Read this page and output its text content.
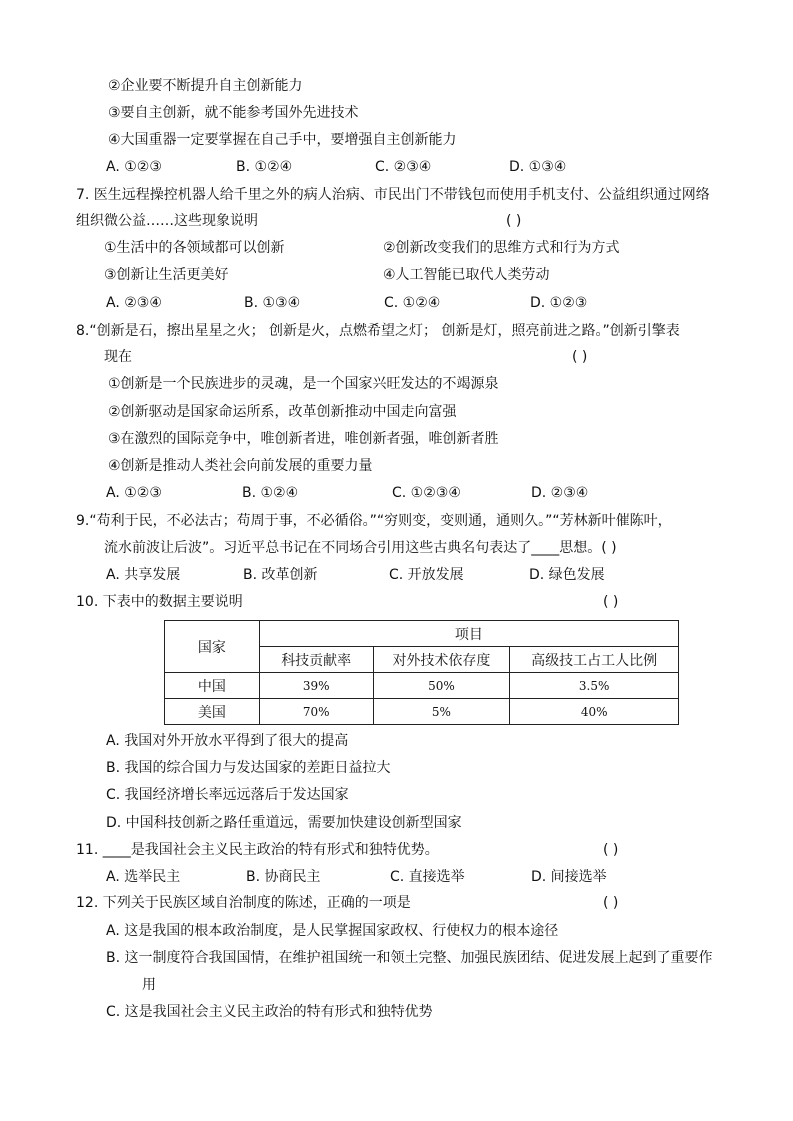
②企业要不断提升自主创新能力
③要自主创新，就不能参考国外先进技术
④大国重器一定要掌握在自己手中，要增强自主创新能力
A. ①②③	B. ①②④	C. ②③④	D. ①③④
7. 医生远程操控机器人给千里之外的病人治病、市民出门不带钱包而使用手机支付、公益组织通过网络
组织微公益……这些现象说明	( )
①生活中的各领域都可以创新	②创新改变我们的思维方式和行为方式
③创新让生活更美好	④人工智能已取代人类劳动
A. ②③④	B. ①③④	C. ①②④	D. ①②③
8.“创新是石，擦出星星之火； 创新是火，点燃希望之灯； 创新是灯，照亮前进之路。”创新引擎表
现在	( )
①创新是一个民族进步的灵魂，是一个国家兴旺发达的不竭源泉
②创新驱动是国家命运所系，改革创新推动中国走向富强
③在激烈的国际竞争中，唯创新者进，唯创新者强，唯创新者胜
④创新是推动人类社会向前发展的重要力量
A. ①②③	B. ①②④	C. ①②③④	D. ②③④
9.“苟利于民，不必法古；苟周于事，不必循俗。”“穷则变，变则通，通则久。”“芳林新叶催陈叶，
流水前波让后波”。习近平总书记在不同场合引用这些古典名句表达了____思想。( )
A. 共享发展	B. 改革创新	C. 开放发展	D. 绿色发展
10. 下表中的数据主要说明	( )
国家	项目		
	科技贡献率	对外技术依存度	高级技工占工人比例
中国	39%	50%	3.5%
美国	70%	5%	40%
A. 我国对外开放水平得到了很大的提高
B. 我国的综合国力与发达国家的差距日益拉大
C. 我国经济增长率远远落后于发达国家
D. 中国科技创新之路任重道远，需要加快建设创新型国家
11. ____是我国社会主义民主政治的特有形式和独特优势。	( )
A. 选举民主	B. 协商民主	C. 直接选举	D. 间接选举
12. 下列关于民族区域自治制度的陈述，正确的一项是	( )
A. 这是我国的根本政治制度，是人民掌握国家政权、行使权力的根本途径
B. 这一制度符合我国国情，在维护祖国统一和领土完整、加强民族团结、促进发展上起到了重要作
用
C. 这是我国社会主义民主政治的特有形式和独特优势
